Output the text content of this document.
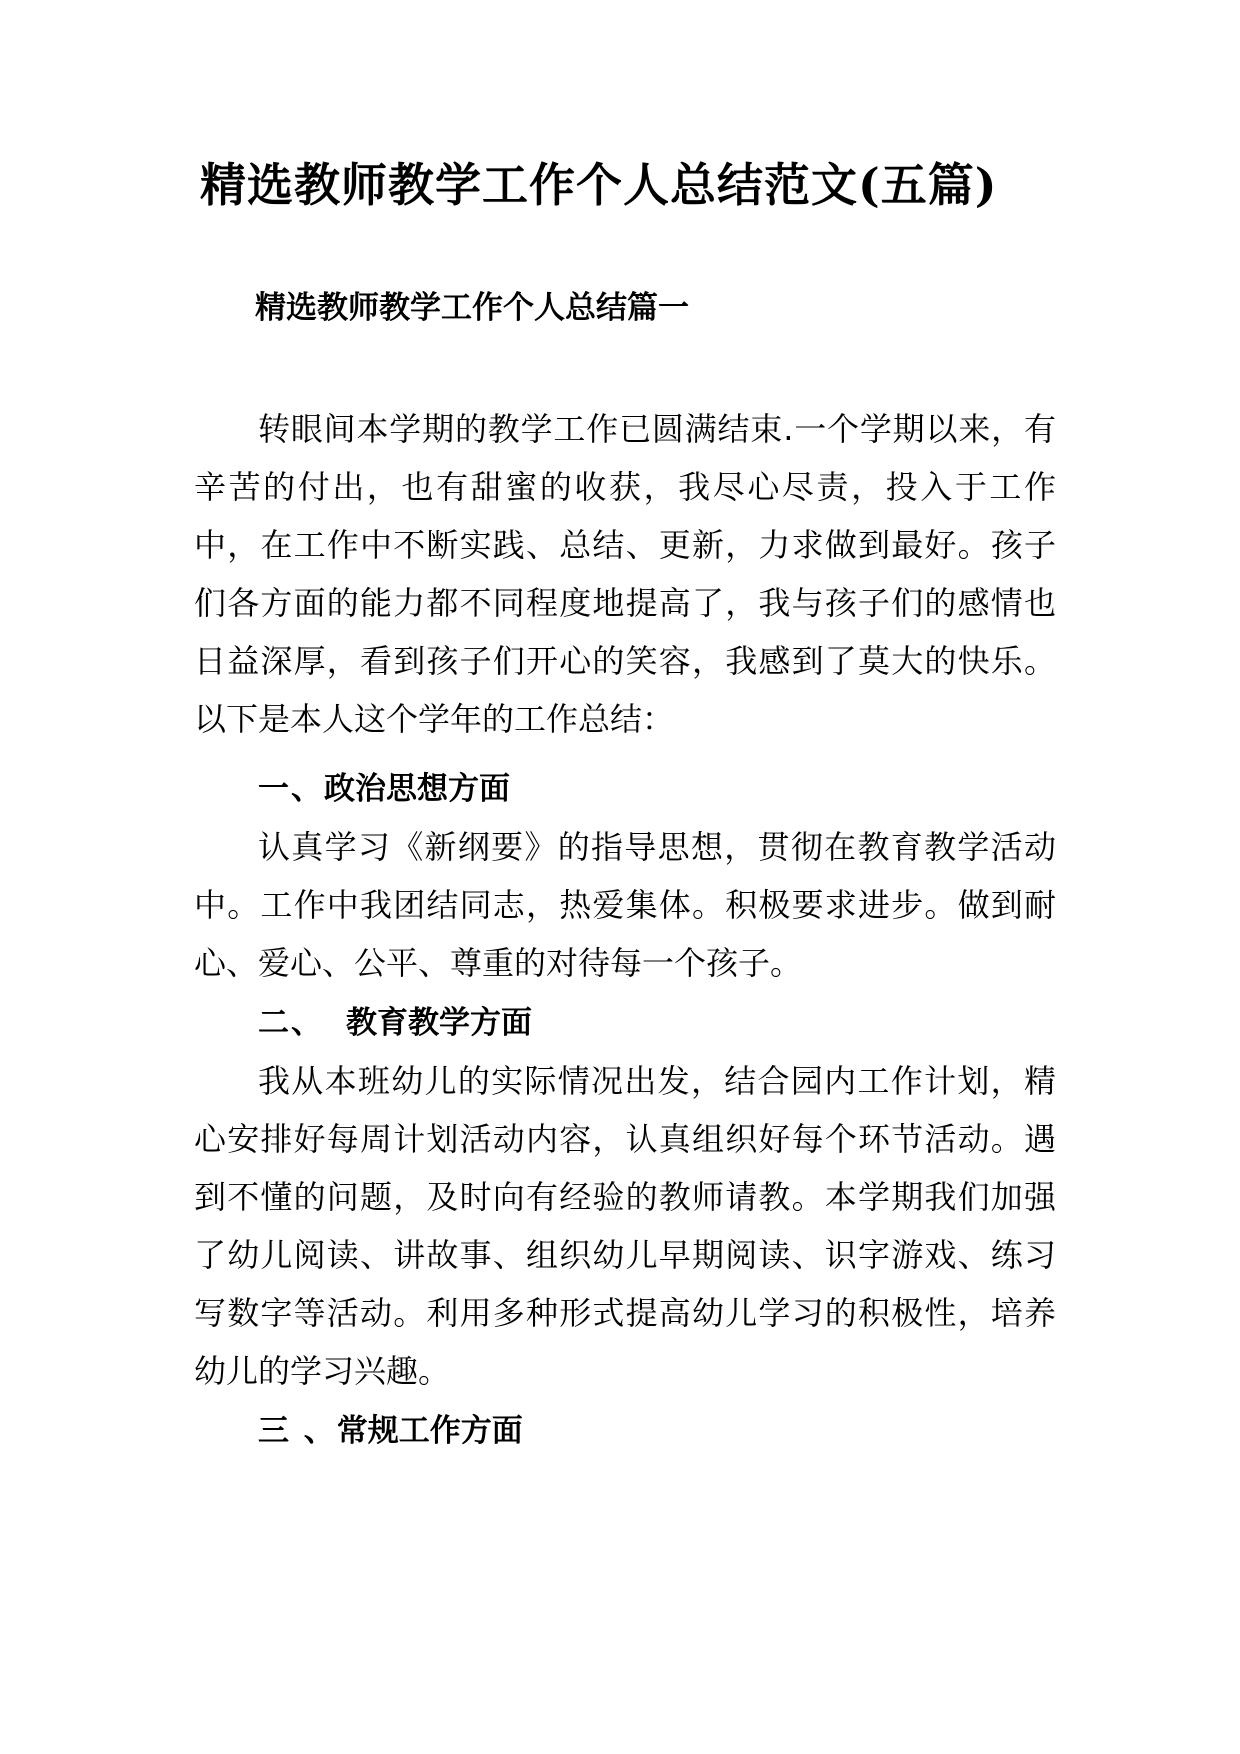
精选教师教学工作个人总结范文(五篇)
精选教师教学工作个人总结篇一

转眼间本学期的教学工作已圆满结束.一个学期以来，有辛苦的付出，也有甜蜜的收获，我尽心尽责，投入于工作中，在工作中不断实践、总结、更新，力求做到最好。孩子们各方面的能力都不同程度地提高了，我与孩子们的感情也日益深厚，看到孩子们开心的笑容，我感到了莫大的快乐。以下是本人这个学年的工作总结：

一、政治思想方面

认真学习《新纲要》的指导思想，贯彻在教育教学活动中。工作中我团结同志，热爱集体。积极要求进步。做到耐心、爱心、公平、尊重的对待每一个孩子。

二、 教育教学方面

我从本班幼儿的实际情况出发，结合园内工作计划，精心安排好每周计划活动内容，认真组织好每个环节活动。遇到不懂的问题，及时向有经验的教师请教。本学期我们加强了幼儿阅读、讲故事、组织幼儿早期阅读、识字游戏、练习写数字等活动。利用多种形式提高幼儿学习的积极性，培养幼儿的学习兴趣。

三 、常规工作方面
